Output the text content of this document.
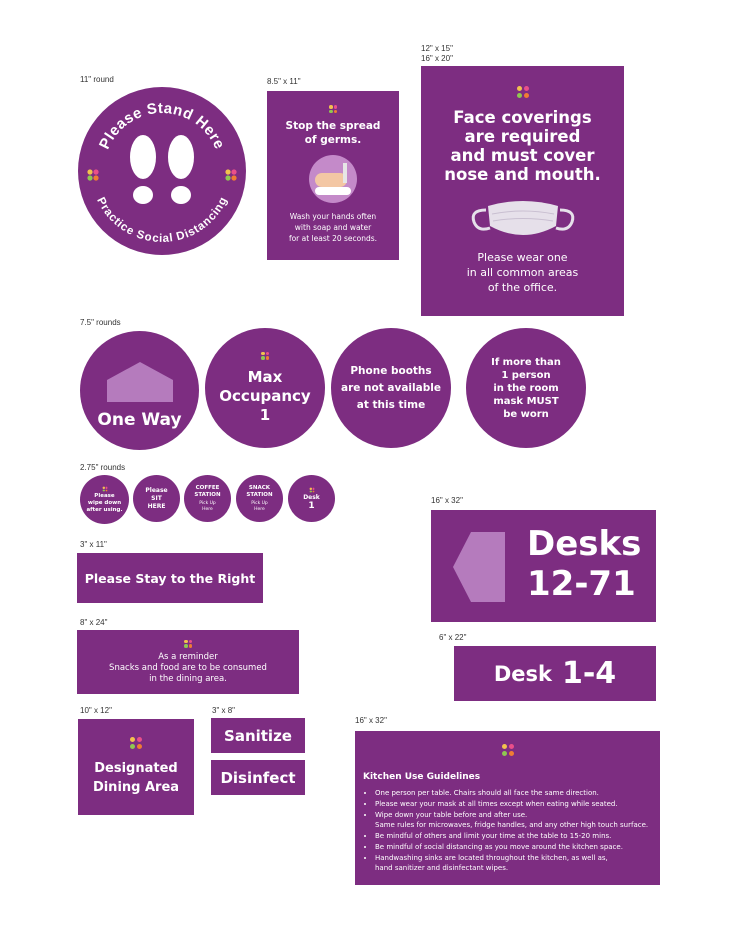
11" round	8.5" x 11"
12" x 15"
16" x 20"
7.5" rounds
2.75" rounds
16" x 32"
3" x 11"
8" x 24"
6" x 22"
10" x 12"	3" x 8"
16" x 32"
Please Stand Here
Practice Social Distancing
Stop the spread
of germs.
Wash your hands often
with soap and water
for at least 20 seconds.
Face coverings
are required
and must cover
nose and mouth.
Please wear one
in all common areas
of the office.
One Way
Max
Occupancy
1
Phone booths
are not available
at this time
If more than
1 person
in the room
mask MUST
be worn
Please
wipe down
after using.
Please
SIT
HERE
COFFEE
STATION
Pick Up
Here
SNACK
STATION
Pick Up
Here
Desk
1
Desks
12-71
Please Stay to the Right
As a reminder
Snacks and food are to be consumed
in the dining area.	Desk 1-4
Designated
Dining Area
Sanitize
Disinfect	Kitchen Use Guidelines
• One person per table. Chairs should all face the same direction.
• Please wear your mask at all times except when eating while seated.
• Wipe down your table before and after use.
Same rules for microwaves, fridge handles, and any other high touch surface.
• Be mindful of others and limit your time at the table to 15-20 mins.
• Be mindful of social distancing as you move around the kitchen space.
• Handwashing sinks are located throughout the kitchen, as well as,
hand sanitizer and disinfectant wipes.
